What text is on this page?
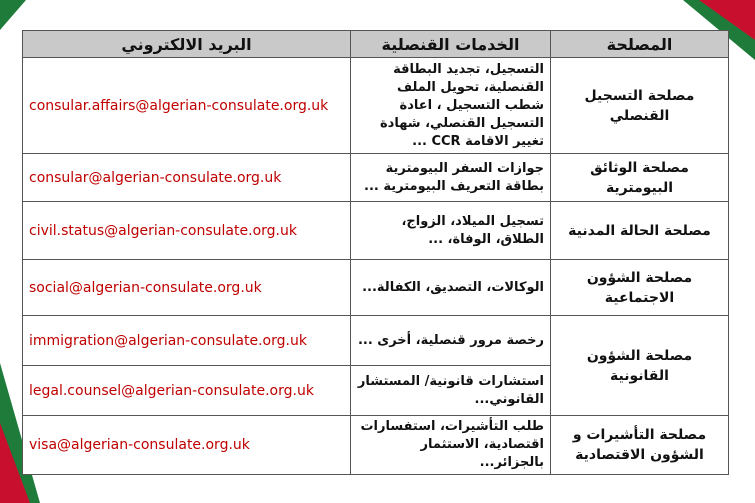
البريد الالكتروني	الخدمات القنصلية	المصلحة
consular.affairs@algerian-consulate.org.uk	التسجيل، تجديد البطاقة القنصلية، تحويل الملف شطب التسجيل ، اعادة التسجيل القنصلي، شهادة تغيير الاقامة CCR ...	مصلحة التسجيل القنصلي
consular@algerian-consulate.org.uk	جوازات السفر البيومترية بطاقة التعريف البيومترية ...	مصلحة الوثائق البيومترية
civil.status@algerian-consulate.org.uk	تسجيل الميلاد، الزواج، الطلاق، الوفاة، ...	مصلحة الحالة المدنية
social@algerian-consulate.org.uk	الوكالات، التصديق، الكفالة...	مصلحة الشؤون الاجتماعية
immigration@algerian-consulate.org.uk	رخصة مرور قنصلية، أخرى ...	مصلحة الشؤون القانونية
legal.counsel@algerian-consulate.org.uk	استشارات قانونية/ المستشار القانوني...	
visa@algerian-consulate.org.uk	طلب التأشيرات، استفسارات اقتصادية، الاستثمار بالجزائر...	مصلحة التأشيرات و الشؤون الاقتصادية
